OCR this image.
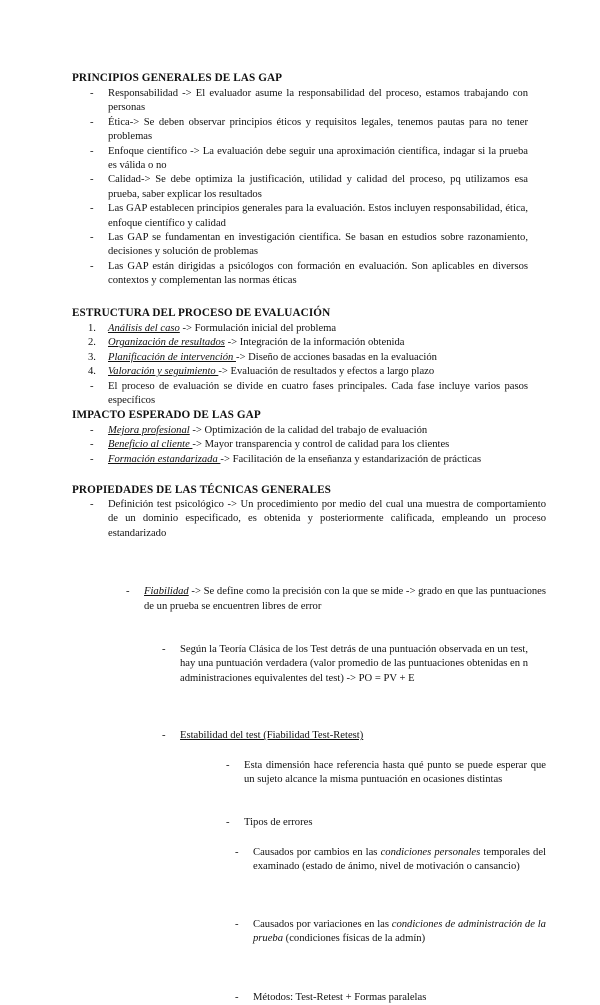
PRINCIPIOS GENERALES DE LAS GAP
- Responsabilidad -> El evaluador asume la responsabilidad del proceso, estamos trabajando con personas
- Ética-> Se deben observar principios éticos y requisitos legales, tenemos pautas para no tener problemas
- Enfoque científico -> La evaluación debe seguir una aproximación científica, indagar si la prueba es válida o no
- Calidad-> Se debe optimiza la justificación, utilidad y calidad del proceso, pq utilizamos esa prueba, saber explicar los resultados
- Las GAP establecen principios generales para la evaluación. Estos incluyen responsabilidad, ética, enfoque científico y calidad
- Las GAP se fundamentan en investigación científica. Se basan en estudios sobre razonamiento, decisiones y solución de problemas
- Las GAP están dirigidas a psicólogos con formación en evaluación. Son aplicables en diversos contextos y complementan las normas éticas
ESTRUCTURA DEL PROCESO DE EVALUACIÓN
1. Análisis del caso -> Formulación inicial del problema
2. Organización de resultados -> Integración de la información obtenida
3. Planificación de intervención -> Diseño de acciones basadas en la evaluación
4. Valoración y seguimiento -> Evaluación de resultados y efectos a largo plazo
- El proceso de evaluación se divide en cuatro fases principales. Cada fase incluye varios pasos específicos
IMPACTO ESPERADO DE LAS GAP
- Mejora profesional -> Optimización de la calidad del trabajo de evaluación
- Beneficio al cliente -> Mayor transparencia y control de calidad para los clientes
- Formación estandarizada -> Facilitación de la enseñanza y estandarización de prácticas
PROPIEDADES DE LAS TÉCNICAS GENERALES
- Definición test psicológico -> Un procedimiento por medio del cual una muestra de comportamiento de un dominio especificado, es obtenida y posteriormente calificada, empleando un proceso estandarizado
- Fiabilidad -> Se define como la precisión con la que se mide -> grado en que las puntuaciones de un prueba se encuentren libres de error
- Según la Teoría Clásica de los Test detrás de una puntuación observada en un test, hay una puntuación verdadera (valor promedio de las puntuaciones obtenidas en n administraciones equivalentes del test) -> PO = PV + E
- Estabilidad del test (Fiabilidad Test-Retest)
- Esta dimensión hace referencia hasta qué punto se puede esperar que un sujeto alcance la misma puntuación en ocasiones distintas
- Tipos de errores
- Causados por cambios en las condiciones personales temporales del examinado (estado de ánimo, nivel de motivación o cansancio)
- Causados por variaciones en las condiciones de administración de la prueba (condiciones físicas de la admín)
- Métodos: Test-Retest + Formas paralelas
